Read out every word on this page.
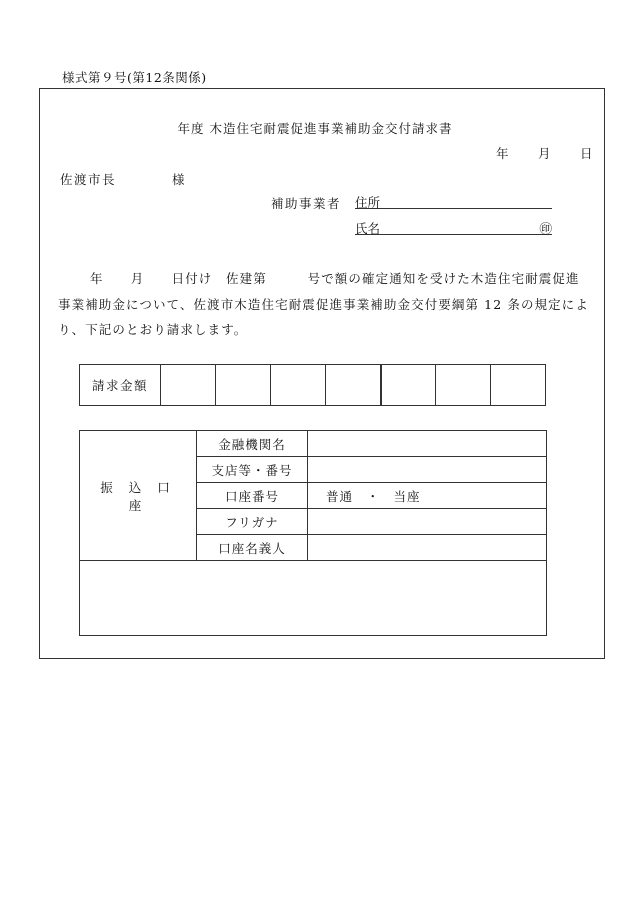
様式第９号(第12条関係)
年度 木造住宅耐震促進事業補助金交付請求書
年 月 日
佐渡市長	様
補助事業者 住所
氏名	㊞
年　　月　　日付け　佐建第　　　号で額の確定通知を受けた木造住宅耐震促進
事業補助金について、佐渡市木造住宅耐震促進事業補助金交付要綱第 12 条の規定によ
り、下記のとおり請求します。
請求金額							
振込口座	金融機関名	
	支店等・番号	
	口座番号	普通　・　当座
	フリガナ	
	口座名義人	
